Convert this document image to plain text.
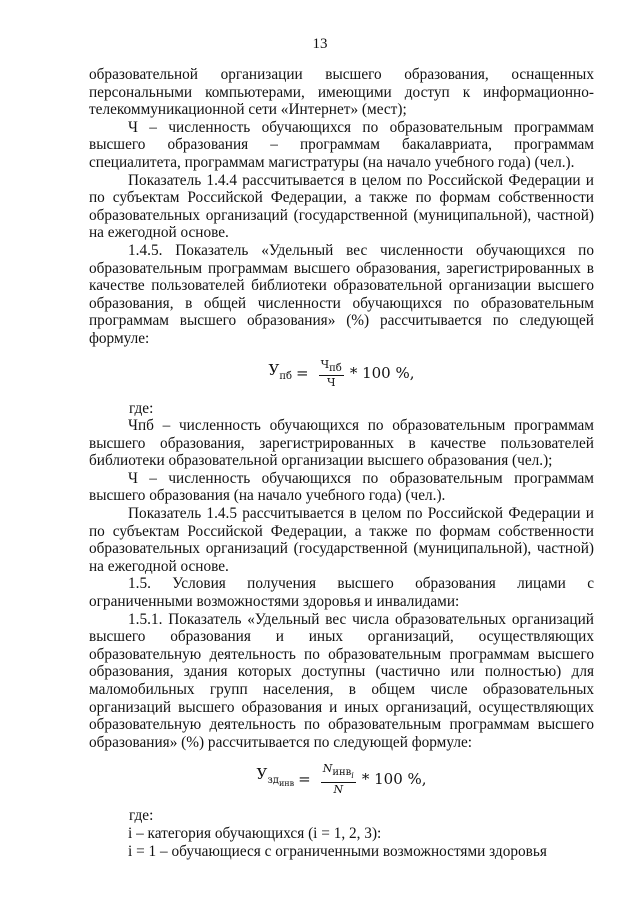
13

образовательной организации высшего образования, оснащенных персональными компьютерами, имеющими доступ к информационно-телекоммуникационной сети «Интернет» (мест);

Ч – численность обучающихся по образовательным программам высшего образования – программам бакалавриата, программам специалитета, программам магистратуры (на начало учебного года) (чел.).

Показатель 1.4.4 рассчитывается в целом по Российской Федерации и по субъектам Российской Федерации, а также по формам собственности образовательных организаций (государственной (муниципальной), частной) на ежегодной основе.

1.4.5. Показатель «Удельный вес численности обучающихся по образовательным программам высшего образования, зарегистрированных в качестве пользователей библиотеки образовательной организации высшего образования, в общей численности обучающихся по образовательным программам высшего образования» (%) рассчитывается по следующей формуле:

$У_{пб} = \frac{Ч_{пб}}{Ч} * 100$ %,

где:

Чпб – численность обучающихся по образовательным программам высшего образования, зарегистрированных в качестве пользователей библиотеки образовательной организации высшего образования (чел.);

Ч – численность обучающихся по образовательным программам высшего образования (на начало учебного года) (чел.).

Показатель 1.4.5 рассчитывается в целом по Российской Федерации и по субъектам Российской Федерации, а также по формам собственности образовательных организаций (государственной (муниципальной), частной) на ежегодной основе.

1.5. Условия получения высшего образования лицами с ограниченными возможностями здоровья и инвалидами:

1.5.1. Показатель «Удельный вес числа образовательных организаций высшего образования и иных организаций, осуществляющих образовательную деятельность по образовательным программам высшего образования, здания которых доступны (частично или полностью) для маломобильных групп населения, в общем числе образовательных организаций высшего образования и иных организаций, осуществляющих образовательную деятельность по образовательным программам высшего образования» (%) рассчитывается по следующей формуле:

$У_{зд_{инв}} = \frac{N_{инв_i}}{N} * 100$ %,

где:

i – категория обучающихся (i = 1, 2, 3):

i = 1 – обучающиеся с ограниченными возможностями здоровья
